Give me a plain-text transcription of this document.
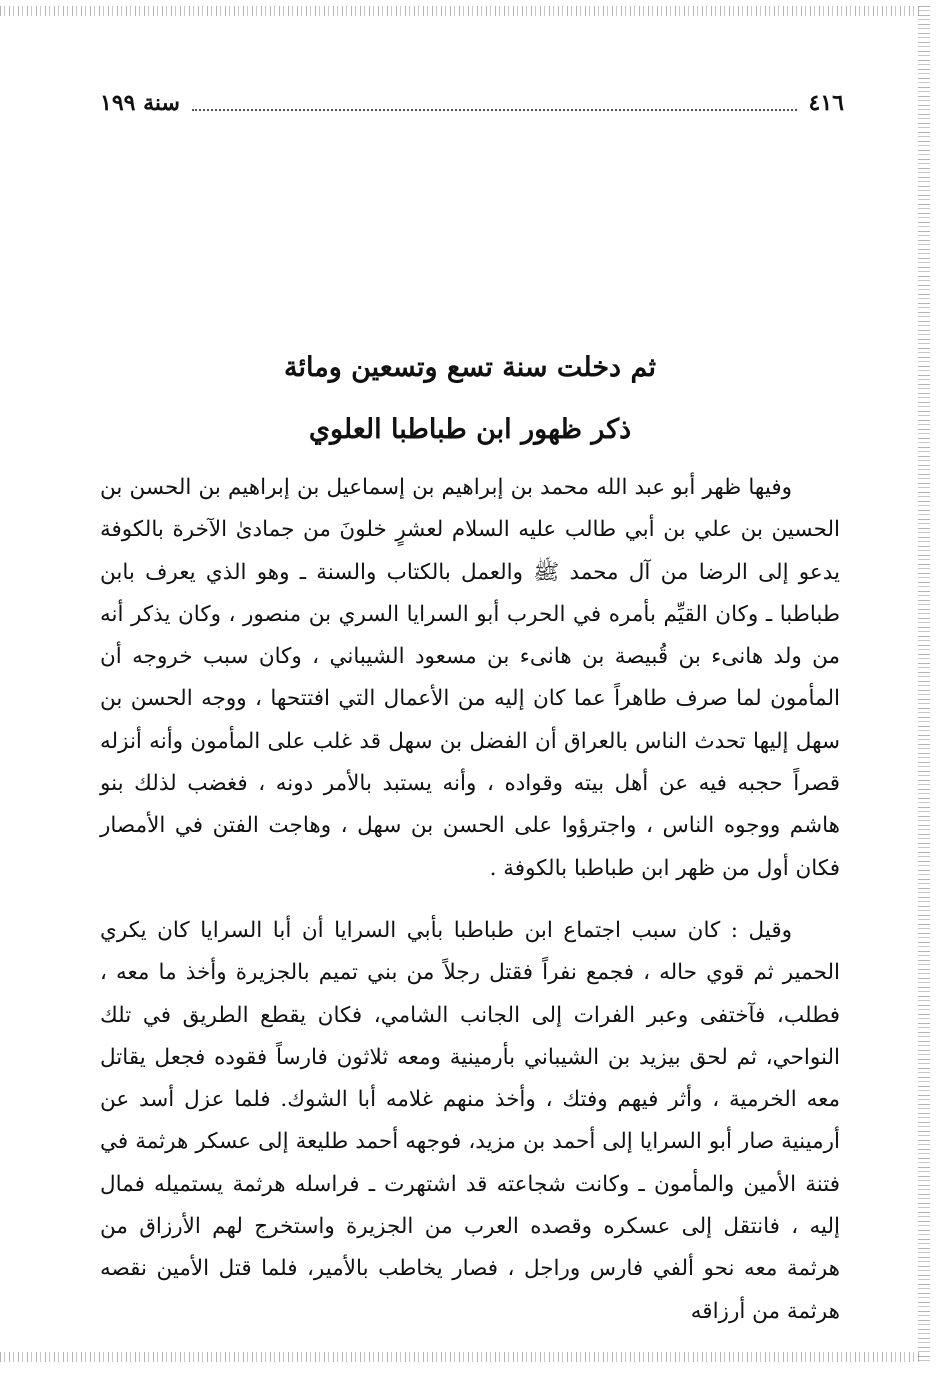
٤١٦
سنة ١٩٩
ثم دخلت سنة تسع وتسعين ومائة
ذكر ظهور ابن طباطبا العلوي

وفيها ظهر أبو عبد الله محمد بن إبراهيم بن إسماعيل بن إبراهيم بن الحسن بن الحسين بن علي بن أبي طالب عليه السلام لعشرٍ خلونَ من جمادىٰ الآخرة بالكوفة يدعو إلى الرضا من آل محمد ﷺ والعمل بالكتاب والسنة ـ وهو الذي يعرف بابن طباطبا ـ وكان القيِّم بأمره في الحرب أبو السرايا السري بن منصور ، وكان يذكر أنه من ولد هانىء بن قُبيصة بن هانىء بن مسعود الشيباني ، وكان سبب خروجه أن المأمون لما صرف طاهراً عما كان إليه من الأعمال التي افتتحها ، ووجه الحسن بن سهل إليها تحدث الناس بالعراق أن الفضل بن سهل قد غلب على المأمون وأنه أنزله قصراً حجبه فيه عن أهل بيته وقواده ، وأنه يستبد بالأمر دونه ، فغضب لذلك بنو هاشم ووجوه الناس ، واجترؤوا على الحسن بن سهل ، وهاجت الفتن في الأمصار فكان أول من ظهر ابن طباطبا بالكوفة .

وقيل : كان سبب اجتماع ابن طباطبا بأبي السرايا أن أبا السرايا كان يكري الحمير ثم قوي حاله ، فجمع نفراً فقتل رجلاً من بني تميم بالجزيرة وأخذ ما معه ، فطلب، فآختفى وعبر الفرات إلى الجانب الشامي، فكان يقطع الطريق في تلك النواحي، ثم لحق بيزيد بن الشيباني بأرمينية ومعه ثلاثون فارساً فقوده فجعل يقاتل معه الخرمية ، وأثر فيهم وفتك ، وأخذ منهم غلامه أبا الشوك. فلما عزل أسد عن أرمينية صار أبو السرايا إلى أحمد بن مزيد، فوجهه أحمد طليعة إلى عسكر هرثمة في فتنة الأمين والمأمون ـ وكانت شجاعته قد اشتهرت ـ فراسله هرثمة يستميله فمال إليه ، فانتقل إلى عسكره وقصده العرب من الجزيرة واستخرج لهم الأرزاق من هرثمة معه نحو ألفي فارس وراجل ، فصار يخاطب بالأمير، فلما قتل الأمين نقصه هرثمة من أرزاقه
